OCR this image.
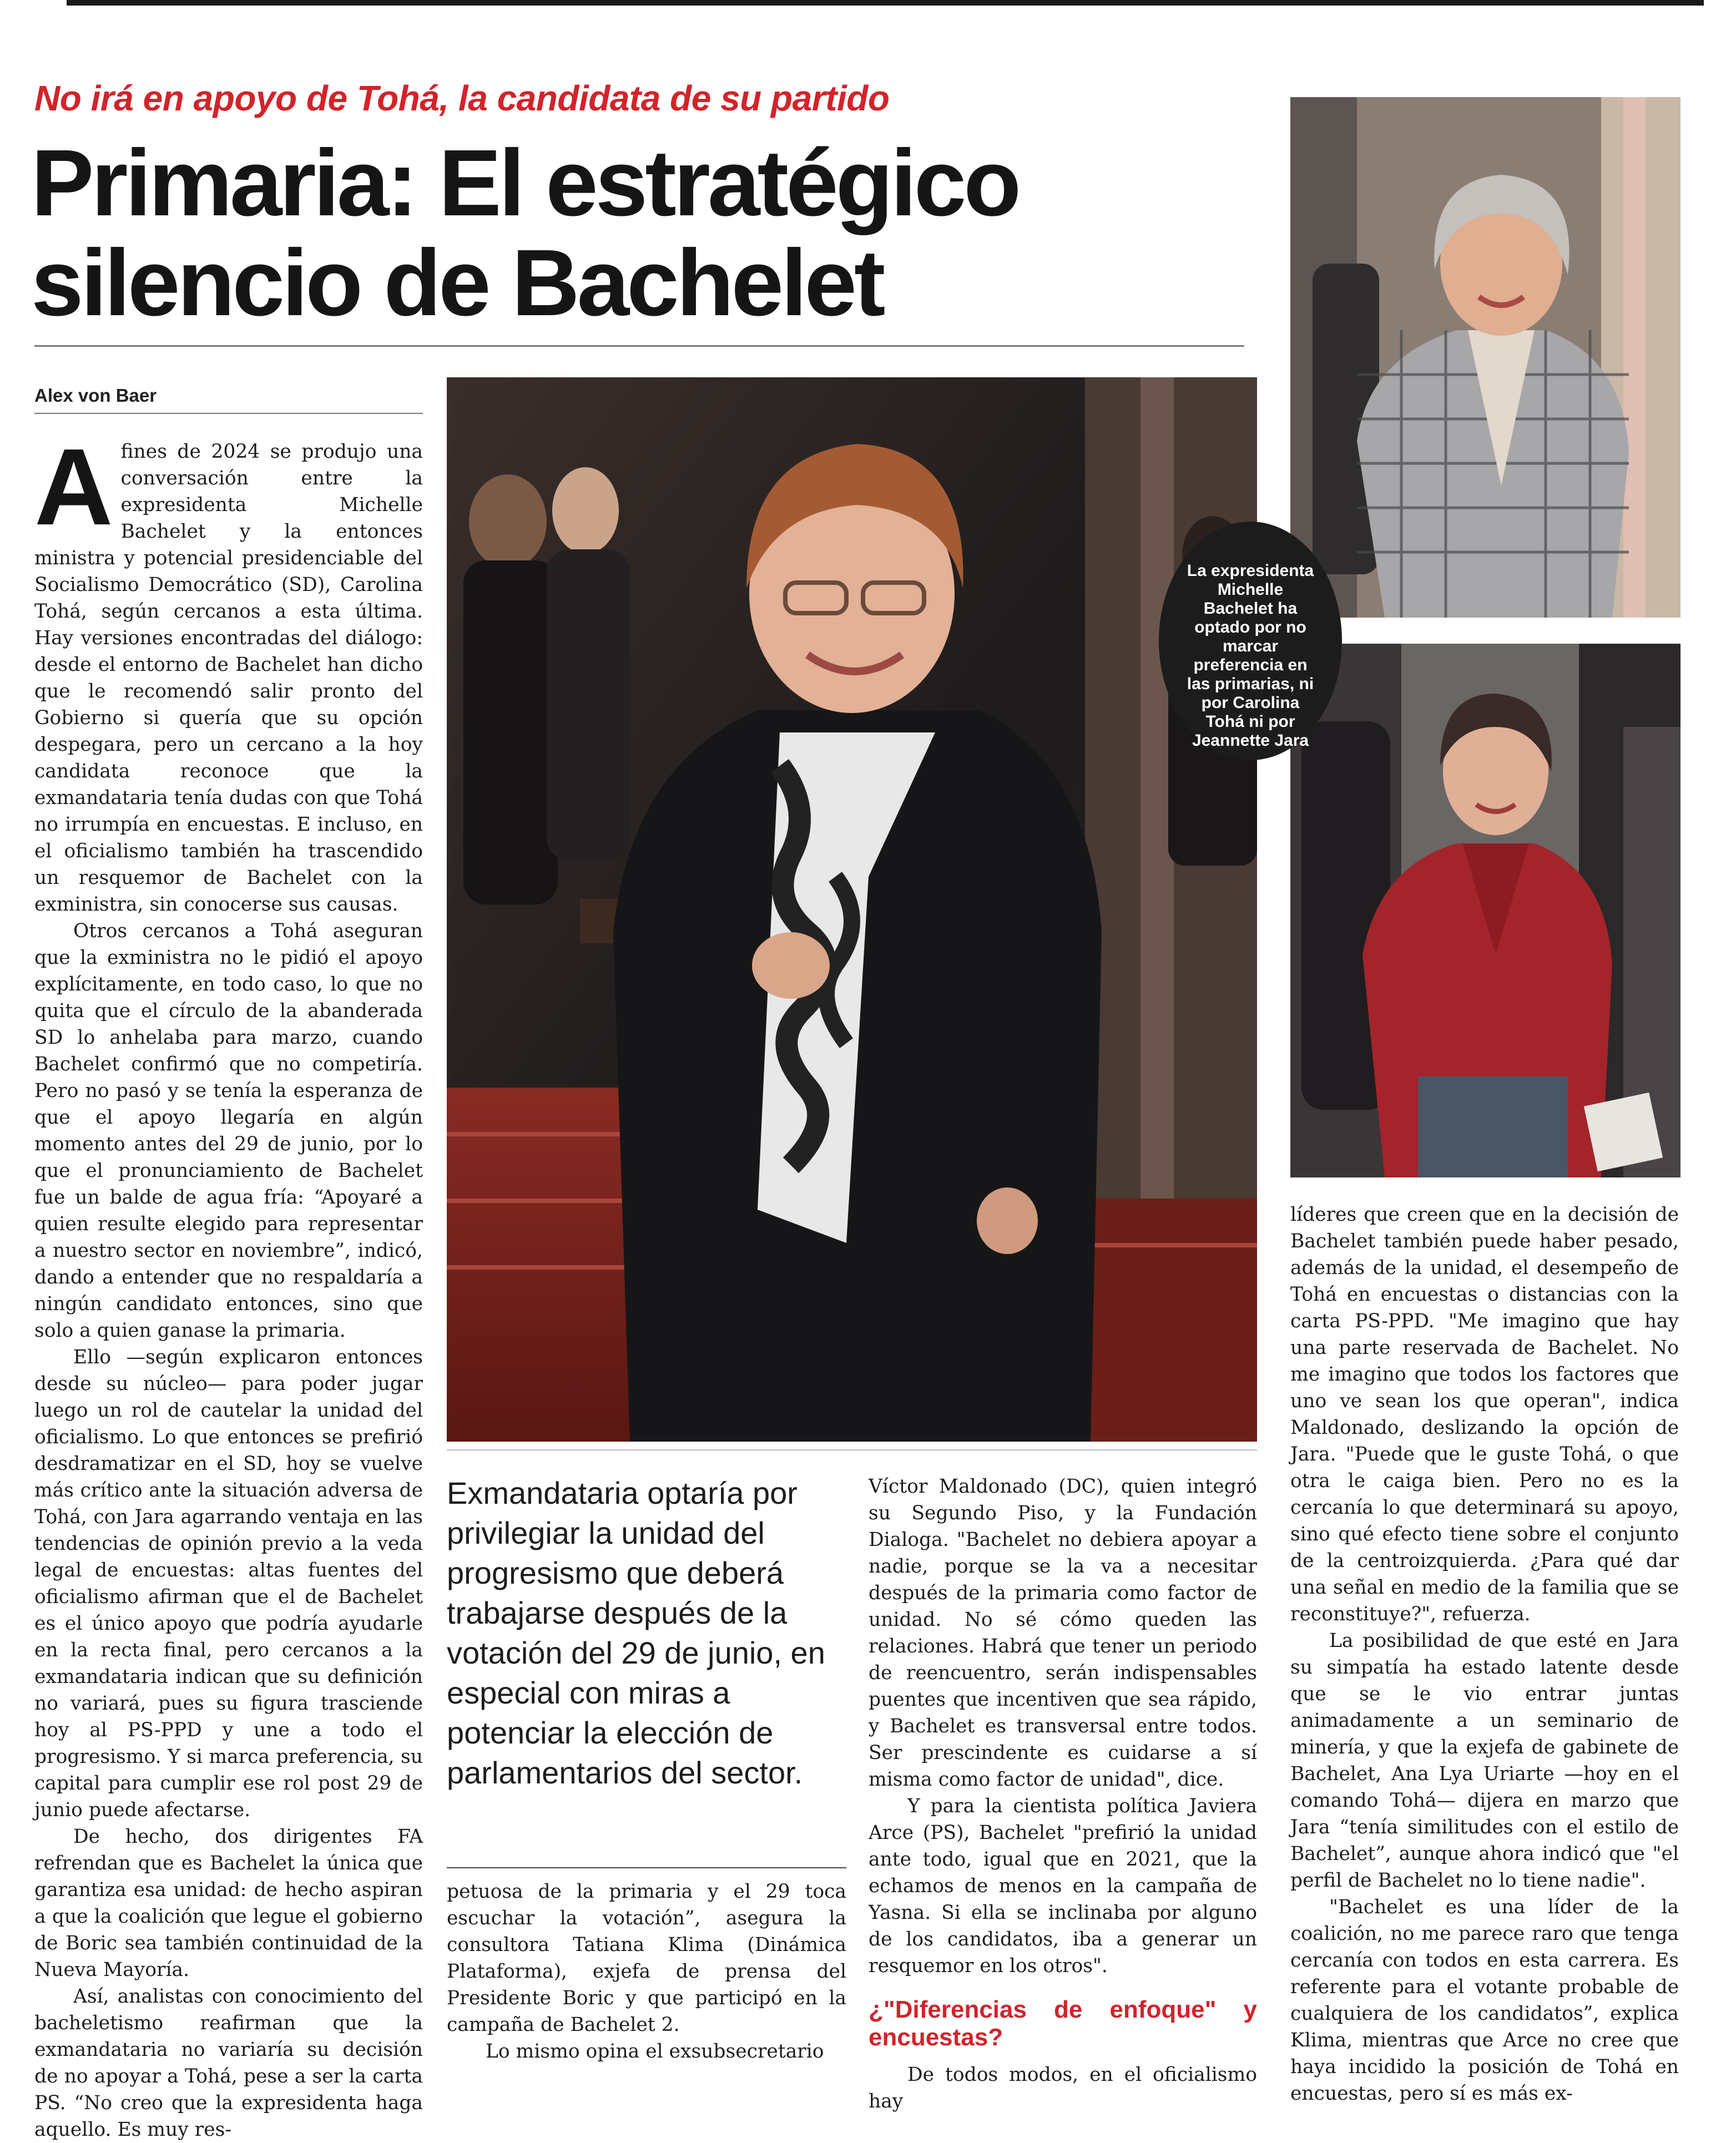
No irá en apoyo de Tohá, la candidata de su partido
Primaria: El estratégico
silencio de Bachelet
Alex von Baer

Afines de 2024 se produjo una conversación entre la expresidenta Michelle Bachelet y la entonces ministra y potencial presidenciable del Socialismo Democrático (SD), Carolina Tohá, según cercanos a esta última. Hay versiones encontradas del diálogo: desde el entorno de Bachelet han dicho que le recomendó salir pronto del Gobierno si quería que su opción despegara, pero un cercano a la hoy candidata reconoce que la exmandataria tenía dudas con que Tohá no irrumpía en encuestas. E incluso, en el oficialismo también ha trascendido un resquemor de Bachelet con la exministra, sin conocerse sus causas.

Otros cercanos a Tohá aseguran que la exministra no le pidió el apoyo explícitamente, en todo caso, lo que no quita que el círculo de la abanderada SD lo anhelaba para marzo, cuando Bachelet confirmó que no competiría. Pero no pasó y se tenía la esperanza de que el apoyo llegaría en algún momento antes del 29 de junio, por lo que el pronunciamiento de Bachelet fue un balde de agua fría: “Apoyaré a quien resulte elegido para representar a nuestro sector en noviembre”, indicó, dando a entender que no respaldaría a ningún candidato entonces, sino que solo a quien ganase la primaria.

Ello —según explicaron entonces desde su núcleo— para poder jugar luego un rol de cautelar la unidad del oficialismo. Lo que entonces se prefirió desdramatizar en el SD, hoy se vuelve más crítico ante la situación adversa de Tohá, con Jara agarrando ventaja en las tendencias de opinión previo a la veda legal de encuestas: altas fuentes del oficialismo afirman que el de Bachelet es el único apoyo que podría ayudarle en la recta final, pero cercanos a la exmandataria indican que su definición no variará, pues su figura trasciende hoy al PS-PPD y une a todo el progresismo. Y si marca preferencia, su capital para cumplir ese rol post 29 de junio puede afectarse.

De hecho, dos dirigentes FA refrendan que es Bachelet la única que garantiza esa unidad: de hecho aspiran a que la coalición que legue el gobierno de Boric sea también continuidad de la Nueva Mayoría.

Así, analistas con conocimiento del bacheletismo reafirman que la exmandataria no variaría su decisión de no apoyar a Tohá, pese a ser la carta PS. “No creo que la expresidenta haga aquello. Es muy res-

La expresidenta Michelle Bachelet ha optado por no marcar preferencia en las primarias, ni por Carolina Tohá ni por Jeannette Jara
Exmandataria optaría por privilegiar la unidad del progresismo que deberá trabajarse después de la votación del 29 de junio, en especial con miras a potenciar la elección de parlamentarios del sector.

petuosa de la primaria y el 29 toca escuchar la votación”, asegura la consultora Tatiana Klima (Dinámica Plataforma), exjefa de prensa del Presidente Boric y que participó en la campaña de Bachelet 2.

Lo mismo opina el exsubsecretario

Víctor Maldonado (DC), quien integró su Segundo Piso, y la Fundación Dialoga. "Bachelet no debiera apoyar a nadie, porque se la va a necesitar después de la primaria como factor de unidad. No sé cómo queden las relaciones. Habrá que tener un periodo de reencuentro, serán indispensables puentes que incentiven que sea rápido, y Bachelet es transversal entre todos. Ser prescindente es cuidarse a sí misma como factor de unidad", dice.

Y para la cientista política Javiera Arce (PS), Bachelet "prefirió la unidad ante todo, igual que en 2021, que la echamos de menos en la campaña de Yasna. Si ella se inclinaba por alguno de los candidatos, iba a generar un resquemor en los otros".

¿"Diferencias de enfoque" y encuestas?

De todos modos, en el oficialismo hay

líderes que creen que en la decisión de Bachelet también puede haber pesado, además de la unidad, el desempeño de Tohá en encuestas o distancias con la carta PS-PPD. "Me imagino que hay una parte reservada de Bachelet. No me imagino que todos los factores que uno ve sean los que operan", indica Maldonado, deslizando la opción de Jara. "Puede que le guste Tohá, o que otra le caiga bien. Pero no es la cercanía lo que determinará su apoyo, sino qué efecto tiene sobre el conjunto de la centroizquierda. ¿Para qué dar una señal en medio de la familia que se reconstituye?", refuerza.

La posibilidad de que esté en Jara su simpatía ha estado latente desde que se le vio entrar juntas animadamente a un seminario de minería, y que la exjefa de gabinete de Bachelet, Ana Lya Uriarte —hoy en el comando Tohá— dijera en marzo que Jara “tenía similitudes con el estilo de Bachelet”, aunque ahora indicó que "el perfil de Bachelet no lo tiene nadie".

"Bachelet es una líder de la coalición, no me parece raro que tenga cercanía con todos en esta carrera. Es referente para el votante probable de cualquiera de los candidatos”, explica Klima, mientras que Arce no cree que haya incidido la posición de Tohá en encuestas, pero sí es más ex-
